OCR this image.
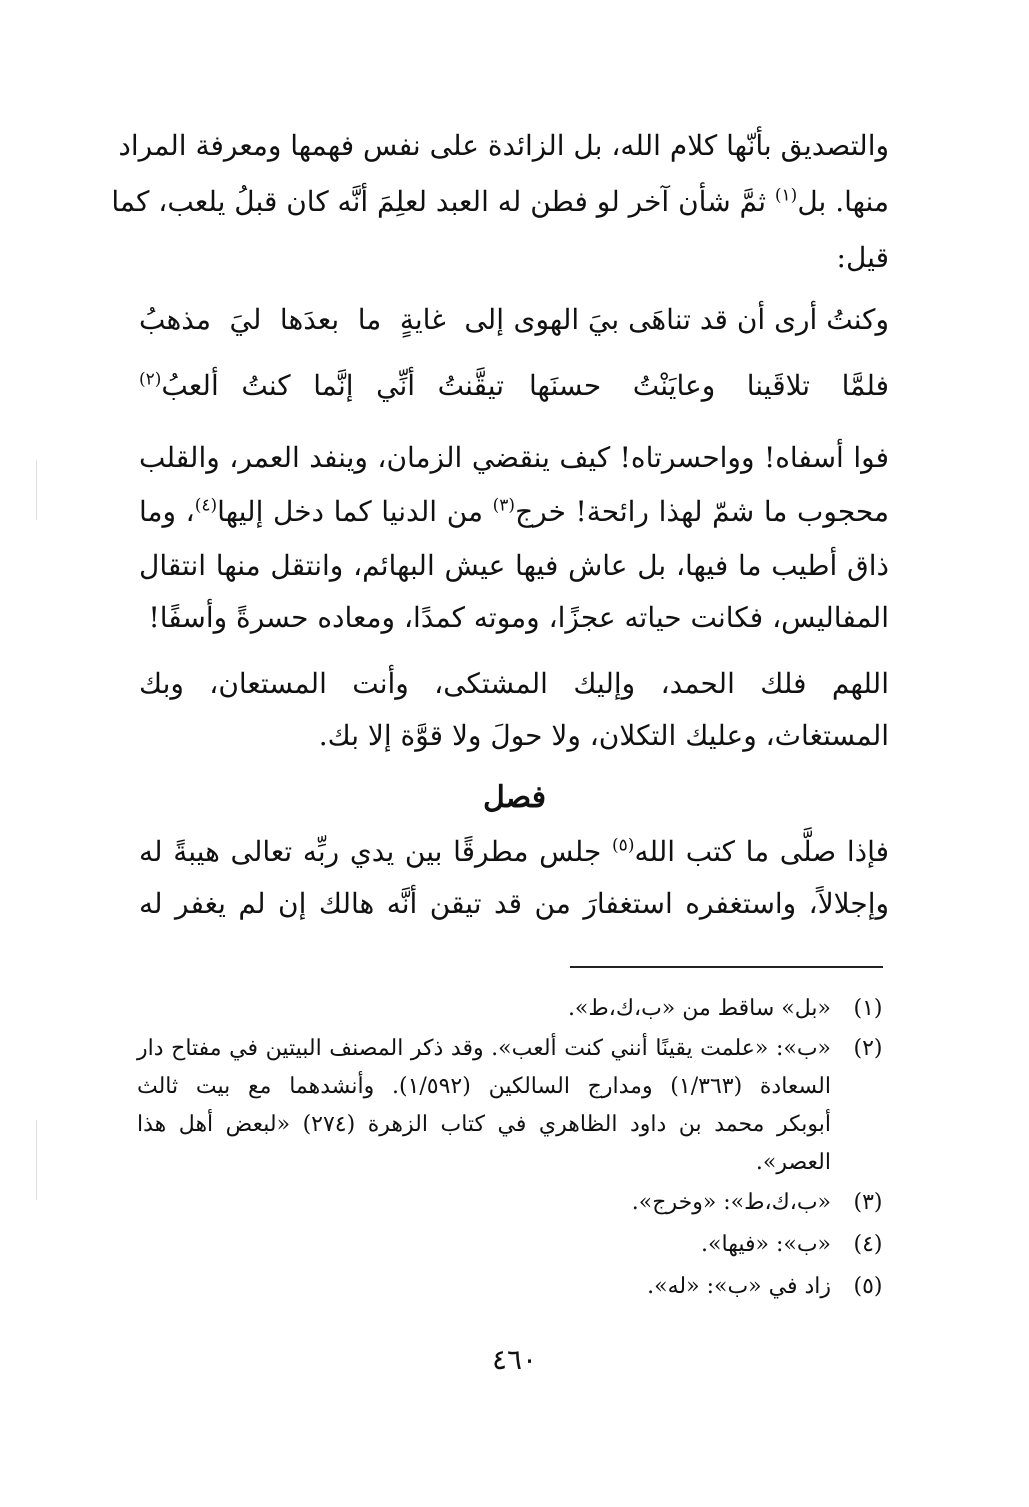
والتصديق بأنّها كلام الله، بل الزائدة على نفس فهمها ومعرفة المراد
منها. بل$^{(١)}$ ثمَّ شأن آخر لو فطن له العبد لعلِمَ أنَّه كان قبلُ يلعب، كما
قيل:
وكنتُ أرى أن قد تناهَى بيَ الهوى
إلى غايةٍ ما بعدَها ليَ مذهبُ
فلمَّا تلاقَينا وعايَنْتُ حسنَها
تيقَّنتُ أنِّي إنَّما كنتُ ألعبُ$^{(٢)}$
فوا أسفاه! وواحسرتاه! كيف ينقضي الزمان، وينفد العمر، والقلب
محجوب ما شمّ لهذا رائحة! خرج$^{(٣)}$ من الدنيا كما دخل إليها$^{(٤)}$، وما
ذاق أطيب ما فيها، بل عاش فيها عيش البهائم، وانتقل منها انتقال
المفاليس، فكانت حياته عجزًا، وموته كمدًا، ومعاده حسرةً وأسفًا!
اللهم فلك الحمد، وإليك المشتكى، وأنت المستعان، وبك
المستغاث، وعليك التكلان، ولا حولَ ولا قوَّة إلا بك.
فصل
فإذا صلَّى ما كتب الله$^{(٥)}$ جلس مطرقًا بين يدي ربِّه تعالى هيبةً له
وإجلالاً، واستغفره استغفارَ من قد تيقن أنَّه هالك إن لم يغفر له
(١)
«بل» ساقط من «ب،ك،ط».
(٢)
«ب»: «علمت يقينًا أنني كنت ألعب». وقد ذكر المصنف البيتين في مفتاح دار
السعادة (١/٣٦٣) ومدارج السالكين (١/٥٩٢). وأنشدهما مع بيت ثالث
أبوبكر محمد بن داود الظاهري في كتاب الزهرة (٢٧٤) «لبعض أهل هذا
العصر».
(٣)
«ب،ك،ط»: «وخرج».
(٤)
«ب»: «فيها».
(٥)
زاد في «ب»: «له».
٤٦٠
